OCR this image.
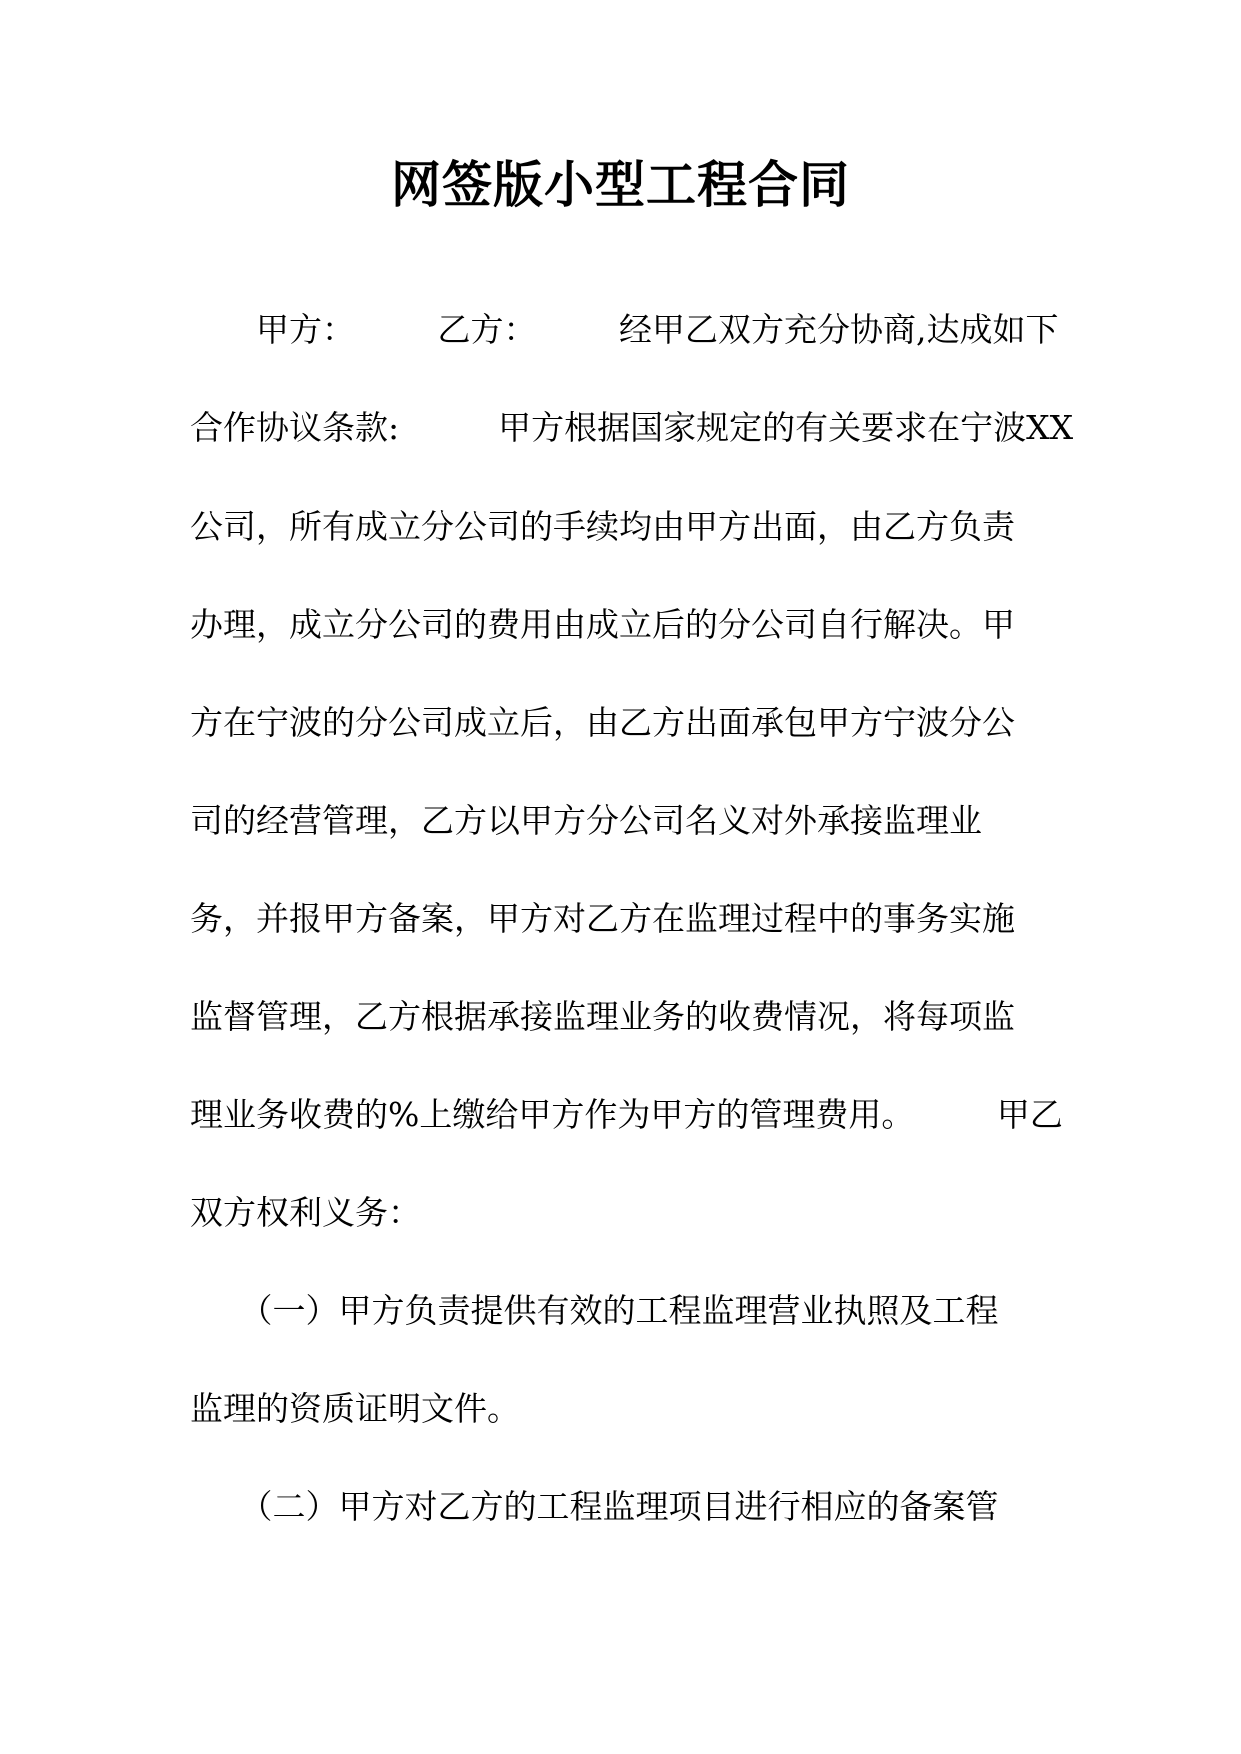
网签版小型工程合同

　　甲方：　　　乙方：　　　经甲乙双方充分协商,达成如下

合作协议条款:　　　甲方根据国家规定的有关要求在宁波XX

公司，所有成立分公司的手续均由甲方出面，由乙方负责

办理，成立分公司的费用由成立后的分公司自行解决。甲

方在宁波的分公司成立后，由乙方出面承包甲方宁波分公

司的经营管理，乙方以甲方分公司名义对外承接监理业

务，并报甲方备案，甲方对乙方在监理过程中的事务实施

监督管理，乙方根据承接监理业务的收费情况，将每项监

理业务收费的%上缴给甲方作为甲方的管理费用。　　　甲乙

双方权利义务：

　　（一）甲方负责提供有效的工程监理营业执照及工程

监理的资质证明文件。

　　（二）甲方对乙方的工程监理项目进行相应的备案管
